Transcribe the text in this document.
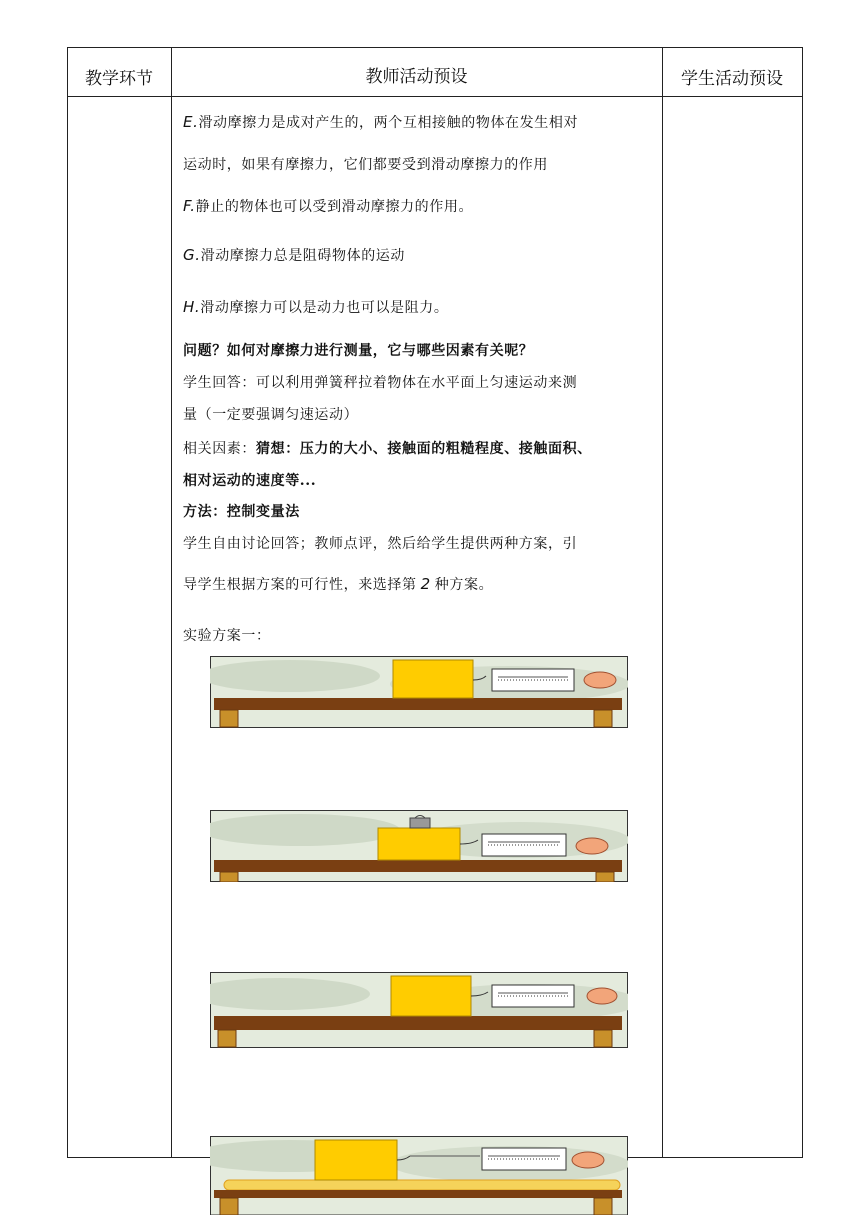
教学环节	教师活动预设	学生活动预设
E.滑动摩擦力是成对产生的，两个互相接触的物体在发生相对
运动时，如果有摩擦力，它们都要受到滑动摩擦力的作用
F.静止的物体也可以受到滑动摩擦力的作用。
G.滑动摩擦力总是阻碍物体的运动
H.滑动摩擦力可以是动力也可以是阻力。
问题？如何对摩擦力进行测量，它与哪些因素有关呢？
学生回答：可以利用弹簧秤拉着物体在水平面上匀速运动来测
量（一定要强调匀速运动）
相关因素：猜想：压力的大小、接触面的粗糙程度、接触面积、
相对运动的速度等...
方法：控制变量法
学生自由讨论回答；教师点评，然后给学生提供两种方案，引
导学生根据方案的可行性，来选择第 2 种方案。
实验方案一：
